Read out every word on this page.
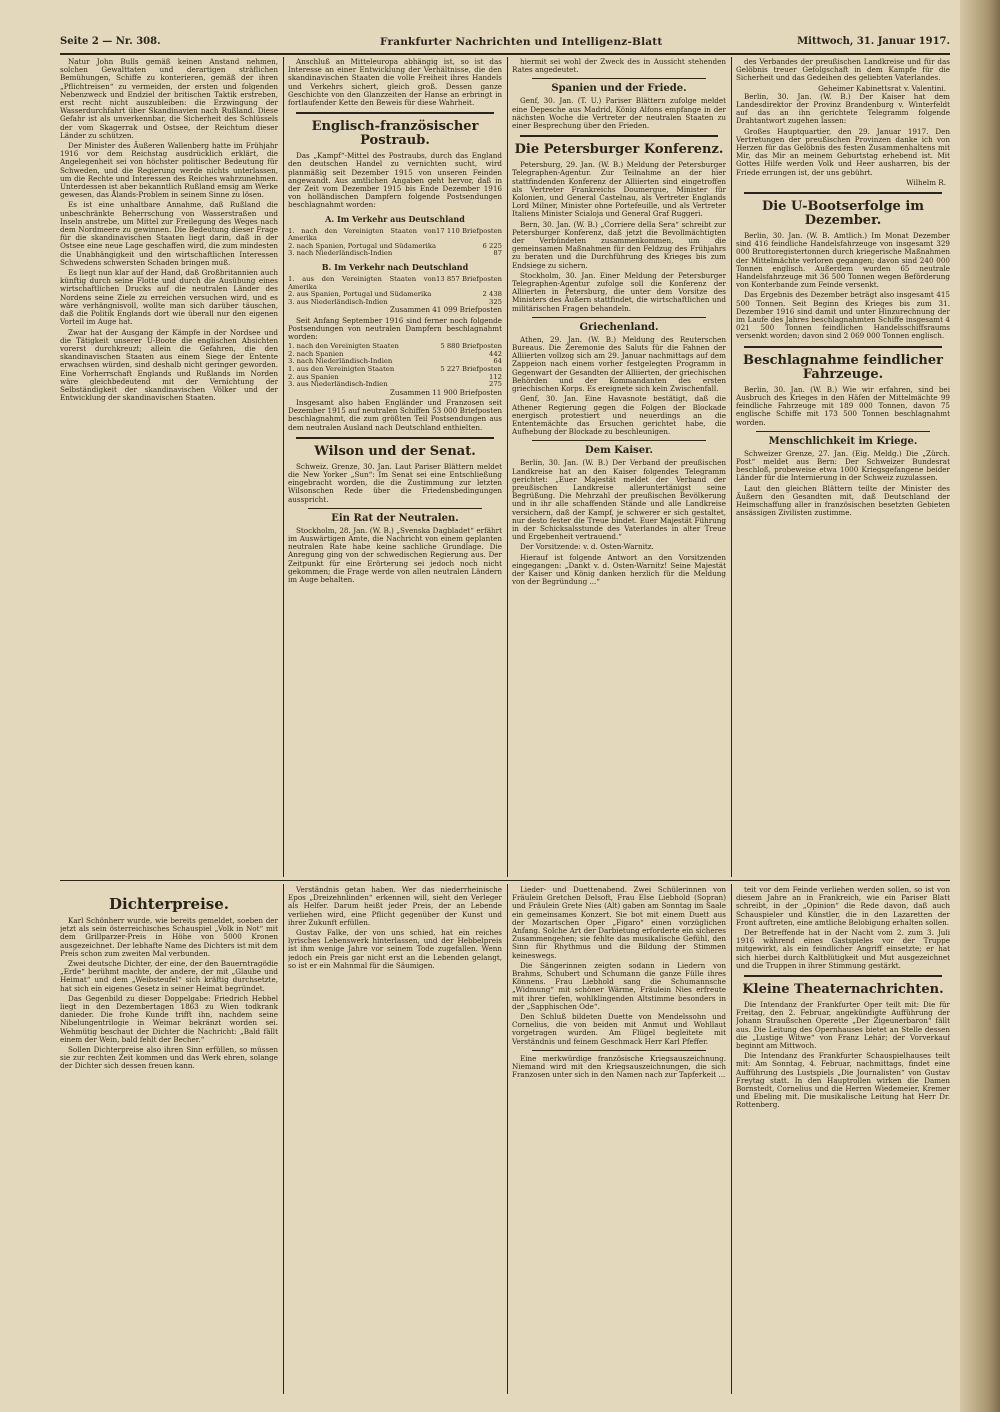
Seite 2 — Nr. 308.	Frankfurter Nachrichten und Intelligenz-Blatt	Mittwoch, 31. Januar 1917.

Natur John Bulls gemäß keinen Anstand nehmen, solchen Gewalttaten und derartigen sträflichen Bemühungen, Schiffe zu konterieren, gemäß der ihren „Pflichtreisen“ zu vermeiden, der ersten und folgenden Nebenzweck und Endziel der britischen Taktik erstreben, erst recht nicht auszubleiben: die Erzwingung der Wasserdurchfahrt über Skandinavien nach Rußland. Diese Gefahr ist als unverkennbar, die Sicherheit des Schlüssels der vom Skagerrak und Ostsee, der Reichtum dieser Länder zu schützen.

Der Minister des Äußeren Wallenberg hatte im Frühjahr 1916 vor dem Reichstag ausdrücklich erklärt, die Angelegenheit sei von höchster politischer Bedeutung für Schweden, und die Regierung werde nichts unterlassen, um die Rechte und Interessen des Reiches wahrzunehmen. Unterdessen ist aber bekanntlich Rußland emsig am Werke gewesen, das Ålands-Problem in seinem Sinne zu lösen.

Es ist eine unhaltbare Annahme, daß Rußland die unbeschränkte Beherrschung von Wasserstraßen und Inseln anstrebe, um Mittel zur Freilegung des Weges nach dem Nordmeere zu gewinnen. Die Bedeutung dieser Frage für die skandinavischen Staaten liegt darin, daß in der Ostsee eine neue Lage geschaffen wird, die zum mindesten die Unabhängigkeit und den wirtschaftlichen Interessen Schwedens schwersten Schaden bringen muß.

Es liegt nun klar auf der Hand, daß Großbritannien auch künftig durch seine Flotte und durch die Ausübung eines wirtschaftlichen Drucks auf die neutralen Länder des Nordens seine Ziele zu erreichen versuchen wird, und es wäre verhängnisvoll, wollte man sich darüber täuschen, daß die Politik Englands dort wie überall nur den eigenen Vorteil im Auge hat.

Zwar hat der Ausgang der Kämpfe in der Nordsee und die Tätigkeit unserer U-Boote die englischen Absichten vorerst durchkreuzt; allein die Gefahren, die den skandinavischen Staaten aus einem Siege der Entente erwachsen würden, sind deshalb nicht geringer geworden. Eine Vorherrschaft Englands und Rußlands im Norden wäre gleichbedeutend mit der Vernichtung der Selbständigkeit der skandinavischen Völker und der Entwicklung der skandinavischen Staaten.

Anschluß an Mitteleuropa abhängig ist, so ist das Interesse an einer Entwicklung der Verhältnisse, die den skandinavischen Staaten die volle Freiheit ihres Handels und Verkehrs sichert, gleich groß. Dessen ganze Geschichte von den Glanzzeiten der Hanse an erbringt in fortlaufender Kette den Beweis für diese Wahrheit.

Englisch-französischer Postraub.

Das „Kampf“-Mittel des Postraubs, durch das England den deutschen Handel zu vernichten sucht, wird planmäßig seit Dezember 1915 von unseren Feinden angewandt. Aus amtlichen Angaben geht hervor, daß in der Zeit vom Dezember 1915 bis Ende Dezember 1916 von holländischen Dampfern folgende Postsendungen beschlagnahmt worden:

A. Im Verkehr aus Deutschland
1. nach den Vereinigten Staaten von Amerika	17 110 Briefposten
2. nach Spanien, Portugal und Südamerika	6 225
3. nach Niederländisch-Indien	87
B. Im Verkehr nach Deutschland
1. aus den Vereinigten Staaten von Amerika	13 857 Briefposten
2. aus Spanien, Portugal und Südamerika	2 438
3. aus Niederländisch-Indien	325

Zusammen 41 099 Briefposten

Seit Anfang September 1916 sind ferner noch folgende Postsendungen von neutralen Dampfern beschlagnahmt worden:

1. nach den Vereinigten Staaten	5 880 Briefposten
2. nach Spanien	442
3. nach Niederländisch-Indien	64
1. aus den Vereinigten Staaten	5 227 Briefposten
2. aus Spanien	112
3. aus Niederländisch-Indien	275

Zusammen 11 900 Briefposten

Insgesamt also haben Engländer und Franzosen seit Dezember 1915 auf neutralen Schiffen 53 000 Briefposten beschlagnahmt, die zum größten Teil Postsendungen aus dem neutralen Ausland nach Deutschland enthielten.

Wilson und der Senat.

Schweiz. Grenze, 30. Jan. Laut Pariser Blättern meldet die New Yorker „Sun“: Im Senat sei eine Entschließung eingebracht worden, die die Zustimmung zur letzten Wilsonschen Rede über die Friedensbedingungen ausspricht.

Ein Rat der Neutralen.

Stockholm, 28. Jan. (W. B.) „Svenska Dagbladet“ erfährt im Auswärtigen Amte, die Nachricht von einem geplanten neutralen Rate habe keine sachliche Grundlage. Die Anregung ging von der schwedischen Regierung aus. Der Zeitpunkt für eine Erörterung sei jedoch noch nicht gekommen; die Frage werde von allen neutralen Ländern im Auge behalten.

hiermit sei wohl der Zweck des in Aussicht stehenden Rates angedeutet.

Spanien und der Friede.

Genf, 30. Jan. (T. U.) Pariser Blättern zufolge meldet eine Depesche aus Madrid, König Alfons empfange in der nächsten Woche die Vertreter der neutralen Staaten zu einer Besprechung über den Frieden.

Die Petersburger Konferenz.

Petersburg, 29. Jan. (W. B.) Meldung der Petersburger Telegraphen-Agentur. Zur Teilnahme an der hier stattfindenden Konferenz der Alliierten sind eingetroffen als Vertreter Frankreichs Doumergue, Minister für Kolonien, und General Castelnau, als Vertreter Englands Lord Milner, Minister ohne Portefeuille, und als Vertreter Italiens Minister Scialoja und General Graf Ruggeri.

Bern, 30. Jan. (W. B.) „Corriere della Sera“ schreibt zur Petersburger Konferenz, daß jetzt die Bevollmächtigten der Verbündeten zusammenkommen, um die gemeinsamen Maßnahmen für den Feldzug des Frühjahrs zu beraten und die Durchführung des Krieges bis zum Endsiege zu sichern.

Stockholm, 30. Jan. Einer Meldung der Petersburger Telegraphen-Agentur zufolge soll die Konferenz der Alliierten in Petersburg, die unter dem Vorsitze des Ministers des Äußern stattfindet, die wirtschaftlichen und militärischen Fragen behandeln.

Griechenland.

Athen, 29. Jan. (W. B.) Meldung des Reuterschen Bureaus. Die Zeremonie des Saluts für die Fahnen der Alliierten vollzog sich am 29. Januar nachmittags auf dem Zappeion nach einem vorher festgelegten Programm in Gegenwart der Gesandten der Alliierten, der griechischen Behörden und der Kommandanten des ersten griechischen Korps. Es ereignete sich kein Zwischenfall.

Genf, 30. Jan. Eine Havasnote bestätigt, daß die Athener Regierung gegen die Folgen der Blockade energisch protestiert und neuerdings an die Ententemächte das Ersuchen gerichtet habe, die Aufhebung der Blockade zu beschleunigen.

Dem Kaiser.

Berlin, 30. Jan. (W. B.) Der Verband der preußischen Landkreise hat an den Kaiser folgendes Telegramm gerichtet: „Euer Majestät meldet der Verband der preußischen Landkreise alleruntertänigst seine Begrüßung. Die Mehrzahl der preußischen Bevölkerung und in ihr alle schaffenden Stände und alle Landkreise versichern, daß der Kampf, je schwerer er sich gestaltet, nur desto fester die Treue bindet. Euer Majestät Führung in der Schicksalsstunde des Vaterlandes in alter Treue und Ergebenheit vertrauend.“

Der Vorsitzende: v. d. Osten-Warnitz.

Hierauf ist folgende Antwort an den Vorsitzenden eingegangen: „Dankt v. d. Osten-Warnitz! Seine Majestät der Kaiser und König danken herzlich für die Meldung von der Begründung ...“

des Verbandes der preußischen Landkreise und für das Gelöbnis treuer Gefolgschaft in dem Kampfe für die Sicherheit und das Gedeihen des geliebten Vaterlandes.

Geheimer Kabinettsrat v. Valentini.

Berlin, 30. Jan. (W. B.) Der Kaiser hat dem Landesdirektor der Provinz Brandenburg v. Winterfeldt auf das an ihn gerichtete Telegramm folgende Drahtantwort zugehen lassen:

Großes Hauptquartier, den 29. Januar 1917. Den Vertretungen der preußischen Provinzen danke ich von Herzen für das Gelöbnis des festen Zusammenhaltens mit Mir, das Mir an meinem Geburtstag erhebend ist. Mit Gottes Hilfe werden Volk und Heer ausharren, bis der Friede errungen ist, der uns gebührt.

Wilhelm R.
Die U-Bootserfolge im Dezember.

Berlin, 30. Jan. (W. B. Amtlich.) Im Monat Dezember sind 416 feindliche Handelsfahrzeuge von insgesamt 329 000 Bruttoregistertonnen durch kriegerische Maßnahmen der Mittelmächte verloren gegangen; davon sind 240 000 Tonnen englisch. Außerdem wurden 65 neutrale Handelsfahrzeuge mit 36 500 Tonnen wegen Beförderung von Konterbande zum Feinde versenkt.

Das Ergebnis des Dezember beträgt also insgesamt 415 500 Tonnen. Seit Beginn des Krieges bis zum 31. Dezember 1916 sind damit und unter Hinzurechnung der im Laufe des Jahres beschlagnahmten Schiffe insgesamt 4 021 500 Tonnen feindlichen Handelsschiffsraums versenkt worden; davon sind 2 069 000 Tonnen englisch.

Beschlagnahme feindlicher Fahrzeuge.

Berlin, 30. Jan. (W. B.) Wie wir erfahren, sind bei Ausbruch des Krieges in den Häfen der Mittelmächte 99 feindliche Fahrzeuge mit 189 000 Tonnen, davon 75 englische Schiffe mit 173 500 Tonnen beschlagnahmt worden.

Menschlichkeit im Kriege.

Schweizer Grenze, 27. Jan. (Eig. Meldg.) Die „Zürch. Post“ meldet aus Bern: Der Schweizer Bundesrat beschloß, probeweise etwa 1000 Kriegsgefangene beider Länder für die Internierung in der Schweiz zuzulassen.

Laut den gleichen Blättern teilte der Minister des Äußern den Gesandten mit, daß Deutschland der Heimschaffung aller in französischen besetzten Gebieten ansässigen Zivilisten zustimme.

Dichterpreise.

Karl Schönherr wurde, wie bereits gemeldet, soeben der jetzt als sein österreichisches Schauspiel „Volk in Not“ mit dem Grillparzer-Preis in Höhe von 5000 Kronen ausgezeichnet. Der lebhafte Name des Dichters ist mit dem Preis schon zum zweiten Mal verbunden.

Zwei deutsche Dichter, der eine, der den Bauerntragödie „Erde“ berühmt machte, der andere, der mit „Glaube und Heimat“ und dem „Weibsteufel“ sich kräftig durchsetzte, hat sich ein eigenes Gesetz in seiner Heimat begründet.

Das Gegenbild zu dieser Doppelgabe: Friedrich Hebbel liegt in den Dezembertagen 1863 zu Wien todkrank danieder. Die frohe Kunde trifft ihn, nachdem seine Nibelungentrilogie in Weimar bekränzt worden sei. Wehmütig beschaut der Dichter die Nachricht: „Bald fällt einem der Wein, bald fehlt der Becher.“

Sollen Dichterpreise also ihren Sinn erfüllen, so müssen sie zur rechten Zeit kommen und das Werk ehren, solange der Dichter sich dessen freuen kann.

Verständnis getan haben. Wer das niederrheinische Epos „Dreizehnlinden“ erkennen will, sieht den Verleger als Helfer. Darum heißt jeder Preis, der an Lebende verliehen wird, eine Pflicht gegenüber der Kunst und ihrer Zukunft erfüllen.

Gustav Falke, der von uns schied, hat ein reiches lyrisches Lebenswerk hinterlassen, und der Hebbelpreis ist ihm wenige Jahre vor seinem Tode zugefallen. Wenn jedoch ein Preis gar nicht erst an die Lebenden gelangt, so ist er ein Mahnmal für die Säumigen.

Lieder- und Duettenabend. Zwei Schülerinnen von Fräulein Gretchen Delsoft, Frau Else Liebhold (Sopran) und Fräulein Grete Nies (Alt) gaben am Sonntag im Saale ein gemeinsames Konzert. Sie bot mit einem Duett aus der Mozartschen Oper „Figaro“ einen vorzüglichen Anfang. Solche Art der Darbietung erforderte ein sicheres Zusammengehen; sie fehlte das musikalische Gefühl, den Sinn für Rhythmus und die Bildung der Stimmen keineswegs.

Die Sängerinnen zeigten sodann in Liedern von Brahms, Schubert und Schumann die ganze Fülle ihres Könnens. Frau Liebhold sang die Schumannsche „Widmung“ mit schöner Wärme, Fräulein Nies erfreute mit ihrer tiefen, wohlklingenden Altstimme besonders in der „Sapphischen Ode“.

Den Schluß bildeten Duette von Mendelssohn und Cornelius, die von beiden mit Anmut und Wohllaut vorgetragen wurden. Am Flügel begleitete mit Verständnis und feinem Geschmack Herr Karl Pfeffer.

Eine merkwürdige französische Kriegsauszeichnung. Niemand wird mit den Kriegsauszeichnungen, die sich Franzosen unter sich in den Namen nach zur Tapferkeit ...

teit vor dem Feinde verliehen werden sollen, so ist von diesem Jahre an in Frankreich, wie ein Pariser Blatt schreibt, in der „Opinion“ die Rede davon, daß auch Schauspieler und Künstler, die in den Lazaretten der Front auftreten, eine amtliche Belobigung erhalten sollen.

Der Betreffende hat in der Nacht vom 2. zum 3. Juli 1916 während eines Gastspieles vor der Truppe mitgewirkt, als ein feindlicher Angriff einsetzte; er hat sich hierbei durch Kaltblütigkeit und Mut ausgezeichnet und die Truppen in ihrer Stimmung gestärkt.

Kleine Theaternachrichten.

Die Intendanz der Frankfurter Oper teilt mit: Die für Freitag, den 2. Februar, angekündigte Aufführung der Johann Straußschen Operette „Der Zigeunerbaron“ fällt aus. Die Leitung des Opernhauses bietet an Stelle dessen die „Lustige Witwe“ von Franz Lehár; der Vorverkauf beginnt am Mittwoch.

Die Intendanz des Frankfurter Schauspielhauses teilt mit: Am Sonntag, 4. Februar, nachmittags, findet eine Aufführung des Lustspiels „Die Journalisten“ von Gustav Freytag statt. In den Hauptrollen wirken die Damen Bornstedt, Cornelius und die Herren Wiedemeier, Kremer und Ebeling mit. Die musikalische Leitung hat Herr Dr. Rottenberg.
